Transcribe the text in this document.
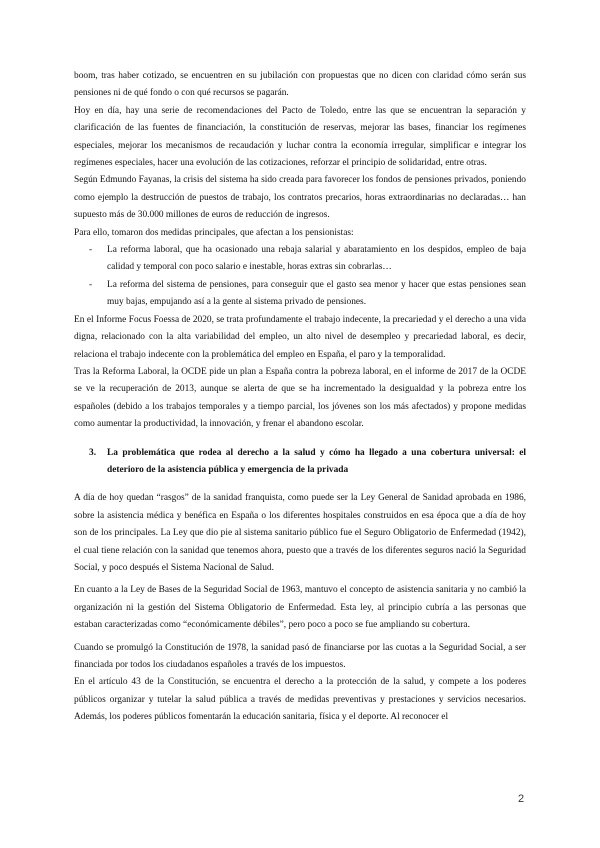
boom, tras haber cotizado, se encuentren en su jubilación con propuestas que no dicen con claridad cómo serán sus pensiones ni de qué fondo o con qué recursos se pagarán.

Hoy en día, hay una serie de recomendaciones del Pacto de Toledo, entre las que se encuentran la separación y clarificación de las fuentes de financiación, la constitución de reservas, mejorar las bases, financiar los regímenes especiales, mejorar los mecanismos de recaudación y luchar contra la economía irregular, simplificar e integrar los regímenes especiales, hacer una evolución de las cotizaciones, reforzar el principio de solidaridad, entre otras.

Según Edmundo Fayanas, la crisis del sistema ha sido creada para favorecer los fondos de pensiones privados, poniendo como ejemplo la destrucción de puestos de trabajo, los contratos precarios, horas extraordinarias no declaradas… han supuesto más de 30.000 millones de euros de reducción de ingresos.

Para ello, tomaron dos medidas principales, que afectan a los pensionistas:

- La reforma laboral, que ha ocasionado una rebaja salarial y abaratamiento en los despidos, empleo de baja calidad y temporal con poco salario e inestable, horas extras sin cobrarlas…
- La reforma del sistema de pensiones, para conseguir que el gasto sea menor y hacer que estas pensiones sean muy bajas, empujando así a la gente al sistema privado de pensiones.

En el Informe Focus Foessa de 2020, se trata profundamente el trabajo indecente, la precariedad y el derecho a una vida digna, relacionado con la alta variabilidad del empleo, un alto nivel de desempleo y precariedad laboral, es decir, relaciona el trabajo indecente con la problemática del empleo en España, el paro y la temporalidad.

Tras la Reforma Laboral, la OCDE pide un plan a España contra la pobreza laboral, en el informe de 2017 de la OCDE se ve la recuperación de 2013, aunque se alerta de que se ha incrementado la desigualdad y la pobreza entre los españoles (debido a los trabajos temporales y a tiempo parcial, los jóvenes son los más afectados) y propone medidas como aumentar la productividad, la innovación, y frenar el abandono escolar.

3. La problemática que rodea al derecho a la salud y cómo ha llegado a una cobertura universal: el deterioro de la asistencia pública y emergencia de la privada

A día de hoy quedan “rasgos” de la sanidad franquista, como puede ser la Ley General de Sanidad aprobada en 1986, sobre la asistencia médica y benéfica en España o los diferentes hospitales construidos en esa época que a día de hoy son de los principales. La Ley que dio pie al sistema sanitario público fue el Seguro Obligatorio de Enfermedad (1942), el cual tiene relación con la sanidad que tenemos ahora, puesto que a través de los diferentes seguros nació la Seguridad Social, y poco después el Sistema Nacional de Salud.

En cuanto a la Ley de Bases de la Seguridad Social de 1963, mantuvo el concepto de asistencia sanitaria y no cambió la organización ni la gestión del Sistema Obligatorio de Enfermedad. Esta ley, al principio cubría a las personas que estaban caracterizadas como “económicamente débiles”, pero poco a poco se fue ampliando su cobertura.

Cuando se promulgó la Constitución de 1978, la sanidad pasó de financiarse por las cuotas a la Seguridad Social, a ser financiada por todos los ciudadanos españoles a través de los impuestos.

En el artículo 43 de la Constitución, se encuentra el derecho a la protección de la salud, y compete a los poderes públicos organizar y tutelar la salud pública a través de medidas preventivas y prestaciones y servicios necesarios. Además, los poderes públicos fomentarán la educación sanitaria, física y el deporte. Al reconocer el

2
